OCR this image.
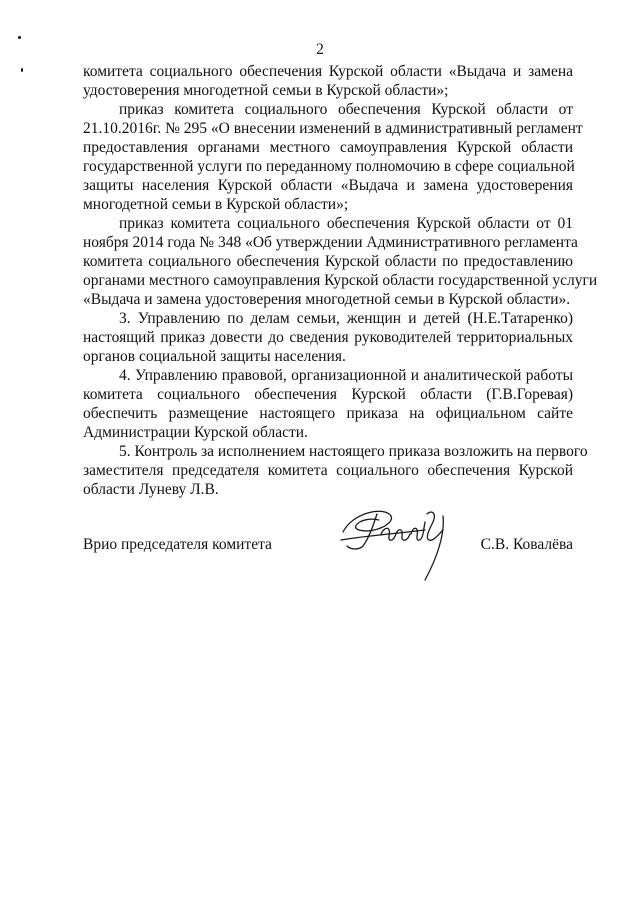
2

комитета социального обеспечения Курской области «Выдача и замена
удостоверения многодетной семьи в Курской области»;

приказ комитета социального обеспечения Курской области от
21.10.2016г. № 295 «О внесении изменений в административный регламент
предоставления органами местного самоуправления Курской области
государственной услуги по переданному полномочию в сфере социальной
защиты населения Курской области «Выдача и замена удостоверения
многодетной семьи в Курской области»;

приказ комитета социального обеспечения Курской области от 01
ноября 2014 года № 348 «Об утверждении Административного регламента
комитета социального обеспечения Курской области по предоставлению
органами местного самоуправления Курской области государственной услуги
«Выдача и замена удостоверения многодетной семьи в Курской области».

3. Управлению по делам семьи, женщин и детей (Н.Е.Татаренко)
настоящий приказ довести до сведения руководителей территориальных
органов социальной защиты населения.

4. Управлению правовой, организационной и аналитической работы
комитета социального обеспечения Курской области (Г.В.Горевая)
обеспечить размещение настоящего приказа на официальном сайте
Администрации Курской области.

5. Контроль за исполнением настоящего приказа возложить на первого
заместителя председателя комитета социального обеспечения Курской
области Луневу Л.В.

Врио председателя комитета	С.В. Ковалёва
